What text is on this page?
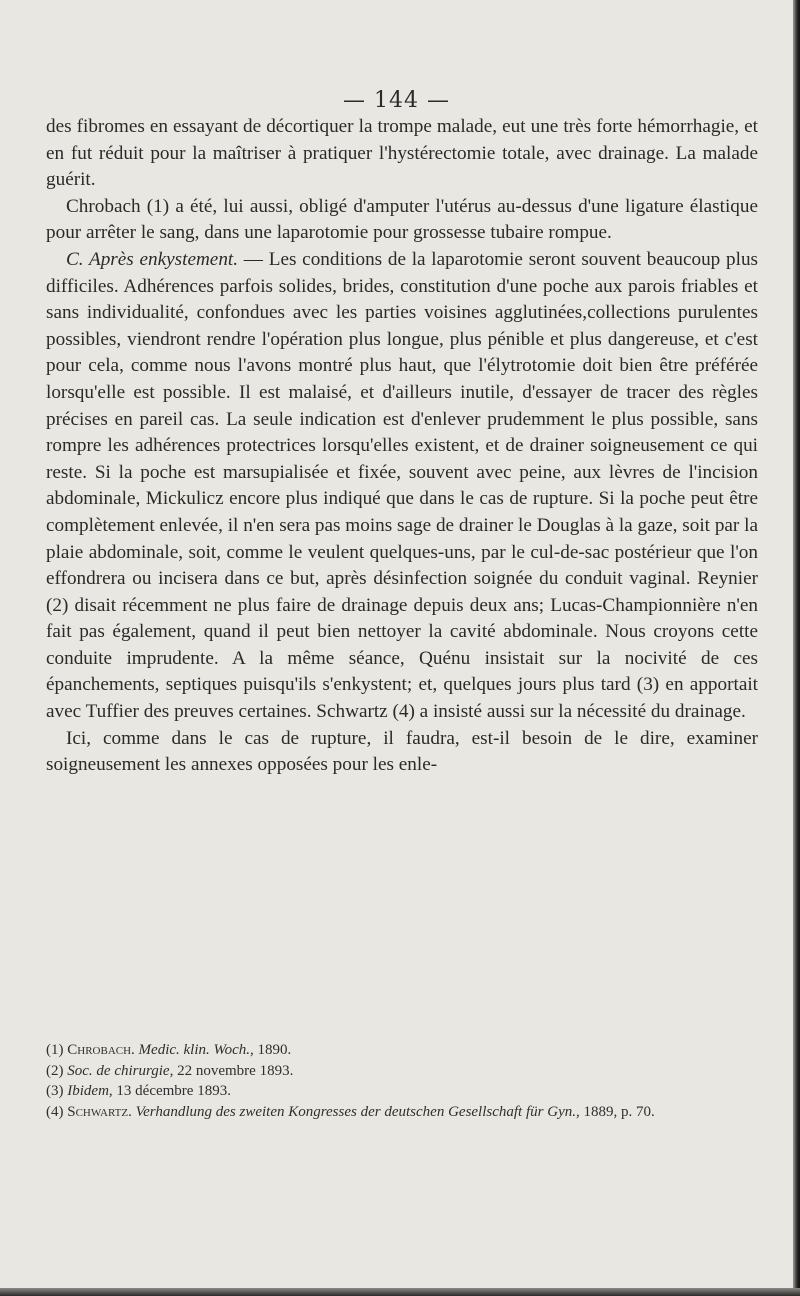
— 144 —

des fibromes en essayant de décortiquer la trompe malade, eut une très forte hémorrhagie, et en fut réduit pour la maîtriser à pratiquer l'hystérectomie totale, avec drainage. La malade guérit.

Chrobach (1) a été, lui aussi, obligé d'amputer l'utérus au-dessus d'une ligature élastique pour arrêter le sang, dans une laparotomie pour grossesse tubaire rompue.

C. Après enkystement. — Les conditions de la laparotomie seront souvent beaucoup plus difficiles. Adhérences parfois solides, brides, constitution d'une poche aux parois friables et sans individualité, confondues avec les parties voisines agglutinées,collections purulentes possibles, viendront rendre l'opération plus longue, plus pénible et plus dangereuse, et c'est pour cela, comme nous l'avons montré plus haut, que l'élytrotomie doit bien être préférée lorsqu'elle est possible. Il est malaisé, et d'ailleurs inutile, d'essayer de tracer des règles précises en pareil cas. La seule indication est d'enlever prudemment le plus possible, sans rompre les adhérences protectrices lorsqu'elles existent, et de drainer soigneusement ce qui reste. Si la poche est marsupialisée et fixée, souvent avec peine, aux lèvres de l'incision abdominale, Mickulicz encore plus indiqué que dans le cas de rupture. Si la poche peut être complètement enlevée, il n'en sera pas moins sage de drainer le Douglas à la gaze, soit par la plaie abdominale, soit, comme le veulent quelques-uns, par le cul-de-sac postérieur que l'on effondrera ou incisera dans ce but, après désinfection soignée du conduit vaginal. Reynier (2) disait récemment ne plus faire de drainage depuis deux ans; Lucas-Championnière n'en fait pas également, quand il peut bien nettoyer la cavité abdominale. Nous croyons cette conduite imprudente. A la même séance, Quénu insistait sur la nocivité de ces épanchements, septiques puisqu'ils s'enkystent; et, quelques jours plus tard (3) en apportait avec Tuffier des preuves certaines. Schwartz (4) a insisté aussi sur la nécessité du drainage.

Ici, comme dans le cas de rupture, il faudra, est-il besoin de le dire, examiner soigneusement les annexes opposées pour les enle-

(1) Chrobach. Medic. klin. Woch., 1890.

(2) Soc. de chirurgie, 22 novembre 1893.

(3) Ibidem, 13 décembre 1893.

(4) Schwartz. Verhandlung des zweiten Kongresses der deutschen Gesellschaft für Gyn., 1889, p. 70.
